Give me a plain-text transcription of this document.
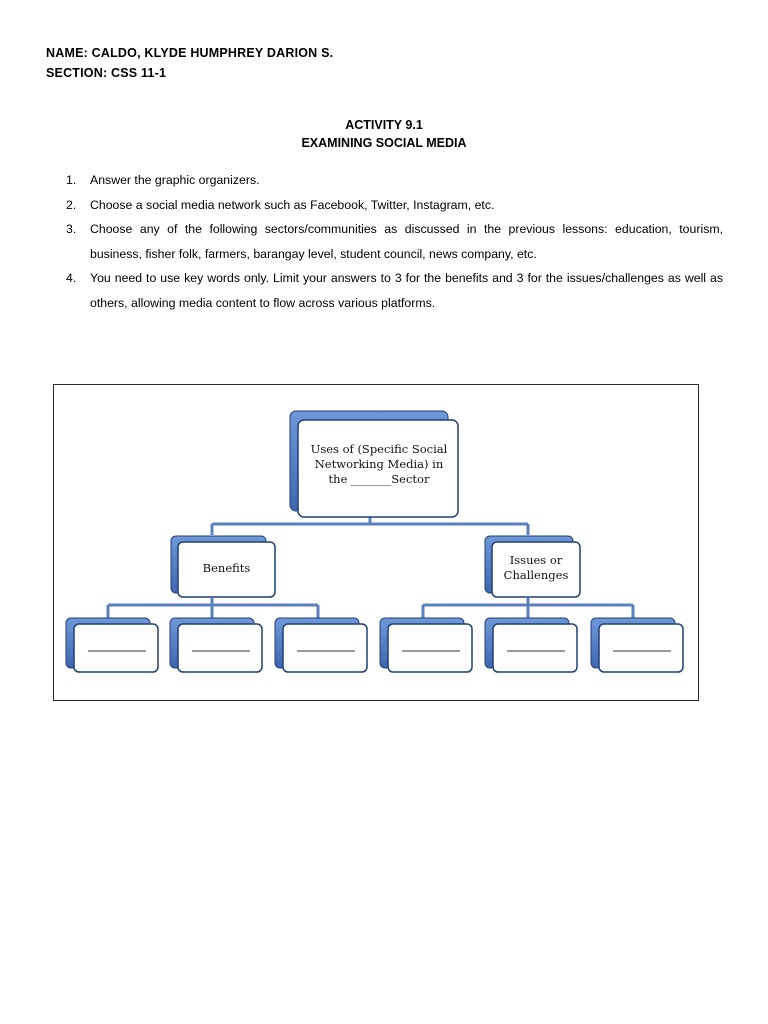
NAME: CALDO, KLYDE HUMPHREY DARION S.
SECTION: CSS 11-1
ACTIVITY 9.1
EXAMINING SOCIAL MEDIA
1. Answer the graphic organizers.
2. Choose a social media network such as Facebook, Twitter, Instagram, etc.
3. Choose any of the following sectors/communities as discussed in the previous lessons: education, tourism, business, fisher folk, farmers, barangay level, student council, news company, etc.
4. You need to use key words only. Limit your answers to 3 for the benefits and 3 for the issues/challenges as well as others, allowing media content to flow across various platforms.
Uses of (Specific Social
Networking Media) in
the _______Sector
Benefits
Issues or
Challenges
